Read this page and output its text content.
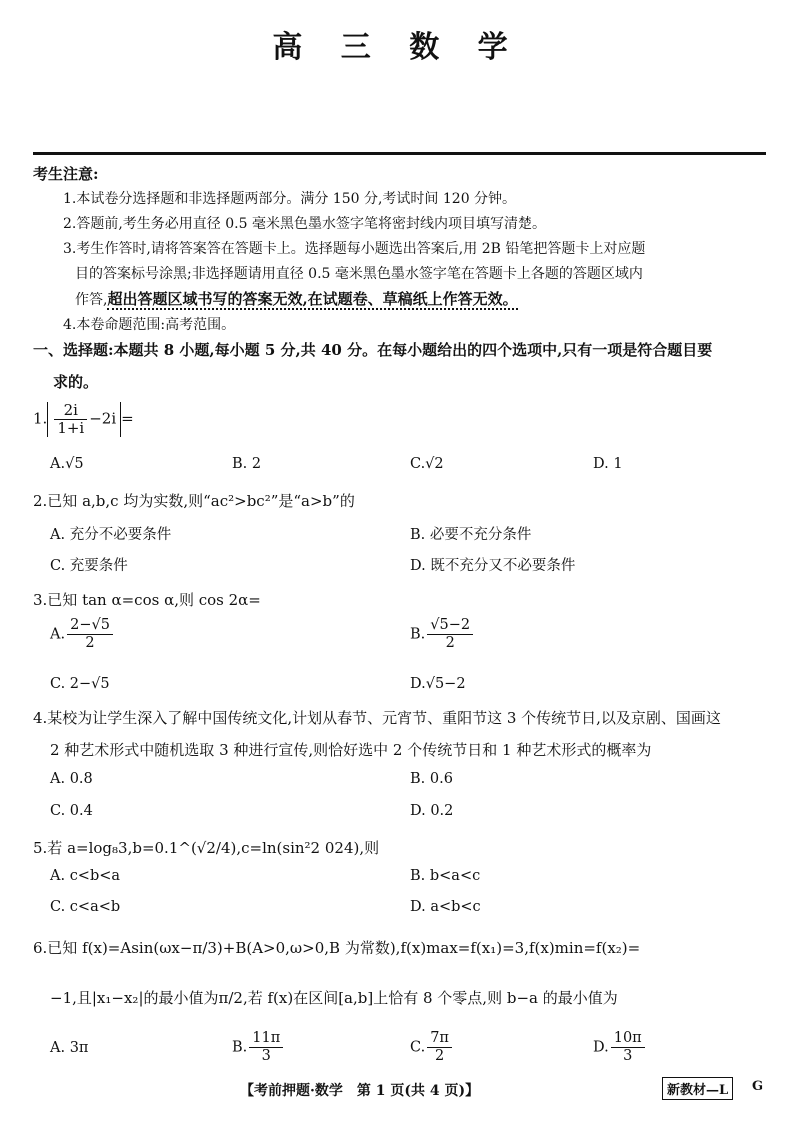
高 三 数 学
考生注意:
1.本试卷分选择题和非选择题两部分。满分 150 分,考试时间 120 分钟。
2.答题前,考生务必用直径 0.5 毫米黑色墨水签字笔将密封线内项目填写清楚。
3.考生作答时,请将答案答在答题卡上。选择题每小题选出答案后,用 2B 铅笔把答题卡上对应题
目的答案标号涂黑;非选择题请用直径 0.5 毫米黑色墨水签字笔在答题卡上各题的答题区域内
作答,超出答题区域书写的答案无效,在试题卷、草稿纸上作答无效。
4.本卷命题范围:高考范围。
一、选择题:本题共 8 小题,每小题 5 分,共 40 分。在每小题给出的四个选项中,只有一项是符合题目要
求的。
1. $\frac{2i}{1+i} -2i$ =
A.√5	B. 2	C.√2	D. 1
2.已知 a,b,c 均为实数,则“ac²>bc²”是“a>b”的
A. 充分不必要条件	B. 必要不充分条件
C. 充要条件	D. 既不充分又不必要条件
3.已知 tan α=cos α,则 cos 2α=
A. $\frac{2-√5}{2}$	B. $\frac{√5-2}{2}$
C. 2−√5	D.√5−2
4.某校为让学生深入了解中国传统文化,计划从春节、元宵节、重阳节这 3 个传统节日,以及京剧、国画这
2 种艺术形式中随机选取 3 种进行宣传,则恰好选中 2 个传统节日和 1 种艺术形式的概率为
A. 0.8	B. 0.6
C. 0.4	D. 0.2
5.若 a=log₈3,b=0.1^(√2/4),c=ln(sin²2 024),则
A. c<b<a	B. b<a<c
C. c<a<b	D. a<b<c
6.已知 f(x)=Asin(ωx−π/3)+B(A>0,ω>0,B 为常数),f(x)max=f(x₁)=3,f(x)min=f(x₂)=
−1,且|x₁−x₂|的最小值为π/2,若 f(x)在区间[a,b]上恰有 8 个零点,则 b−a 的最小值为
A. 3π	B. $\frac{11\pi}{3}$	C. $\frac{7\pi}{2}$	D. $\frac{10\pi}{3}$
【考前押题·数学　第 1 页(共 4 页)】	新教材—L	G
